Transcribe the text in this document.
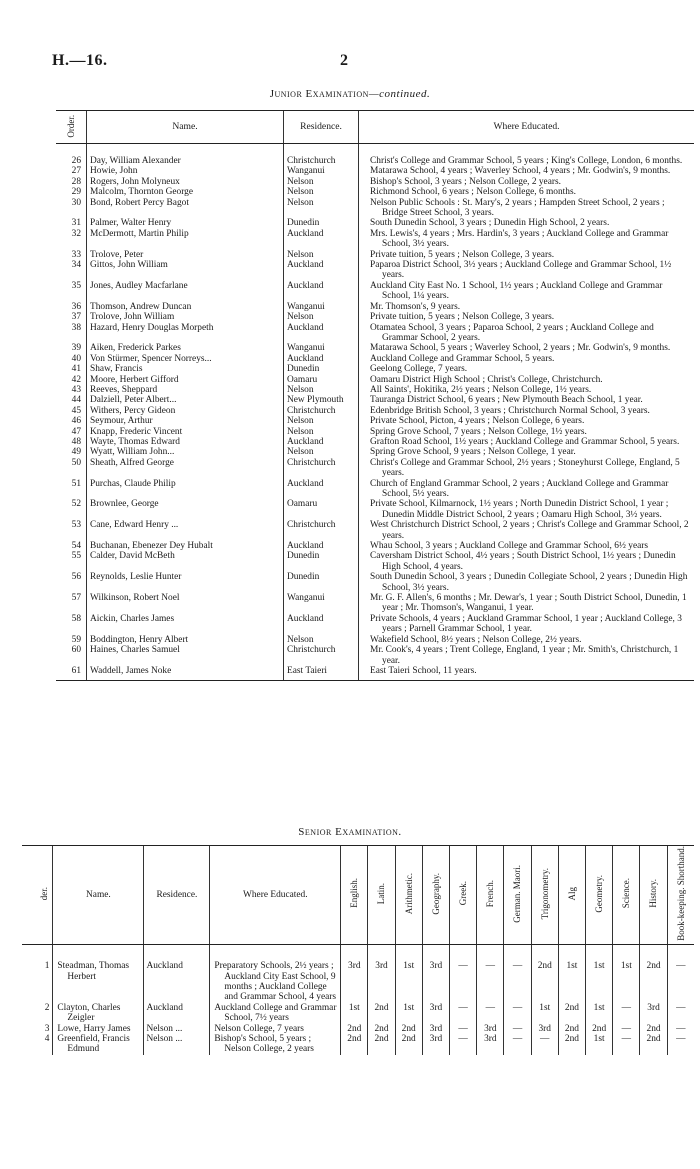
H.—16.	2
Junior Examination—continued.
Order.	Name.	Residence.	Where Educated.
26	Day, William Alexander	Christchurch	Christ's College and Grammar School, 5 years ; King's College, London, 6 months.

27	Howie, John	Wanganui	Matarawa School, 4 years ; Waverley School, 4 years ; Mr. Godwin's, 9 months.

28	Rogers, John Molyneux	Nelson	Bishop's School, 3 years ; Nelson College, 2 years.

29	Malcolm, Thornton George	Nelson	Richmond School, 6 years ; Nelson College, 6 months.

30	Bond, Robert Percy Bagot	Nelson	Nelson Public Schools : St. Mary's, 2 years ; Hampden Street School, 2 years ; Bridge Street School, 3 years.

31	Palmer, Walter Henry	Dunedin	South Dunedin School, 3 years ; Dunedin High School, 2 years.

32	McDermott, Martin Philip	Auckland	Mrs. Lewis's, 4 years ; Mrs. Hardin's, 3 years ; Auckland College and Grammar School, 3½ years.

33	Trolove, Peter	Nelson	Private tuition, 5 years ; Nelson College, 3 years.

34	Gittos, John William	Auckland	Paparoa District School, 3½ years ; Auckland College and Grammar School, 1½ years.

35	Jones, Audley Macfarlane	Auckland	Auckland City East No. 1 School, 1½ years ; Auckland College and Grammar School, 1¼ years.

36	Thomson, Andrew Duncan	Wanganui	Mr. Thomson's, 9 years.

37	Trolove, John William	Nelson	Private tuition, 5 years ; Nelson College, 3 years.

38	Hazard, Henry Douglas Morpeth	Auckland	Otamatea School, 3 years ; Paparoa School, 2 years ; Auckland College and Grammar School, 2 years.

39	Aiken, Frederick Parkes	Wanganui	Matarawa School, 5 years ; Waverley School, 2 years ; Mr. Godwin's, 9 months.

40	Von Stürmer, Spencer Norreys...	Auckland	Auckland College and Grammar School, 5 years.

41	Shaw, Francis	Dunedin	Geelong College, 7 years.

42	Moore, Herbert Gifford	Oamaru	Oamaru District High School ; Christ's College, Christchurch.

43	Reeves, Sheppard	Nelson	All Saints', Hokitika, 2½ years ; Nelson College, 1½ years.

44	Dalziell, Peter Albert...	New Plymouth	Tauranga District School, 6 years ; New Plymouth Beach School, 1 year.

45	Withers, Percy Gideon	Christchurch	Edenbridge British School, 3 years ; Christchurch Normal School, 3 years.

46	Seymour, Arthur	Nelson	Private School, Picton, 4 years ; Nelson College, 6 years.

47	Knapp, Frederic Vincent	Nelson	Spring Grove School, 7 years ; Nelson College, 1½ years.

48	Wayte, Thomas Edward	Auckland	Grafton Road School, 1½ years ; Auckland College and Grammar School, 5 years.

49	Wyatt, William John...	Nelson	Spring Grove School, 9 years ; Nelson College, 1 year.

50	Sheath, Alfred George	Christchurch	Christ's College and Grammar School, 2½ years ; Stoneyhurst College, England, 5 years.

51	Purchas, Claude Philip	Auckland	Church of England Grammar School, 2 years ; Auckland College and Grammar School, 5½ years.

52	Brownlee, George	Oamaru	Private School, Kilmarnock, 1½ years ; North Dunedin District School, 1 year ; Dunedin Middle District School, 2 years ; Oamaru High School, 3½ years.

53	Cane, Edward Henry ...	Christchurch	West Christchurch District School, 2 years ; Christ's College and Grammar School, 2 years.

54	Buchanan, Ebenezer Dey Hubalt	Auckland	Whau School, 3 years ; Auckland College and Grammar School, 6½ years

55	Calder, David McBeth	Dunedin	Caversham District School, 4½ years ; South District School, 1½ years ; Dunedin High School, 4 years.

56	Reynolds, Leslie Hunter	Dunedin	South Dunedin School, 3 years ; Dunedin Collegiate School, 2 years ; Dunedin High School, 3½ years.

57	Wilkinson, Robert Noel	Wanganui	Mr. G. F. Allen's, 6 months ; Mr. Dewar's, 1 year ; South District School, Dunedin, 1 year ; Mr. Thomson's, Wanganui, 1 year.

58	Aickin, Charles James	Auckland	Private Schools, 4 years ; Auckland Grammar School, 1 year ; Auckland College, 3 years ; Parnell Grammar School, 1 year.

59	Boddington, Henry Albert	Nelson	Wakefield School, 8½ years ; Nelson College, 2½ years.

60	Haines, Charles Samuel	Christchurch	Mr. Cook's, 4 years ; Trent College, England, 1 year ; Mr. Smith's, Christchurch, 1 year.

61	Waddell, James Noke	East Taieri	East Taieri School, 11 years.
Senior Examination.
der.	Name.	Residence.	Where Educated.	English.	Latin.	Arithmetic.	Geography.	Greek.	French.	German. Maori.	Trigonometry.	Alg	Geometry.	Science.	History.	Book-keeping. Shorthand.
1	Steadman, Thomas Herbert	Auckland	Preparatory Schools, 2½ years ; Auckland City East School, 9 months ; Auckland College and Grammar School, 4 years	3rd	3rd	1st	3rd	—	—	—	2nd	1st	1st	1st	2nd	—
2	Clayton, Charles Zeigler	Auckland	Auckland College and Grammar School, 7½ years	1st	2nd	1st	3rd	—	—	—	1st	2nd	1st	—	3rd	—
3	Lowe, Harry James	Nelson ...	Nelson College, 7 years	2nd	2nd	2nd	3rd	—	3rd	—	3rd	2nd	2nd	—	2nd	—
4	Greenfield, Francis Edmund	Nelson ...	Bishop's School, 5 years ; Nelson College, 2 years	2nd	2nd	2nd	3rd	—	3rd	—	—	2nd	1st	—	2nd	—
